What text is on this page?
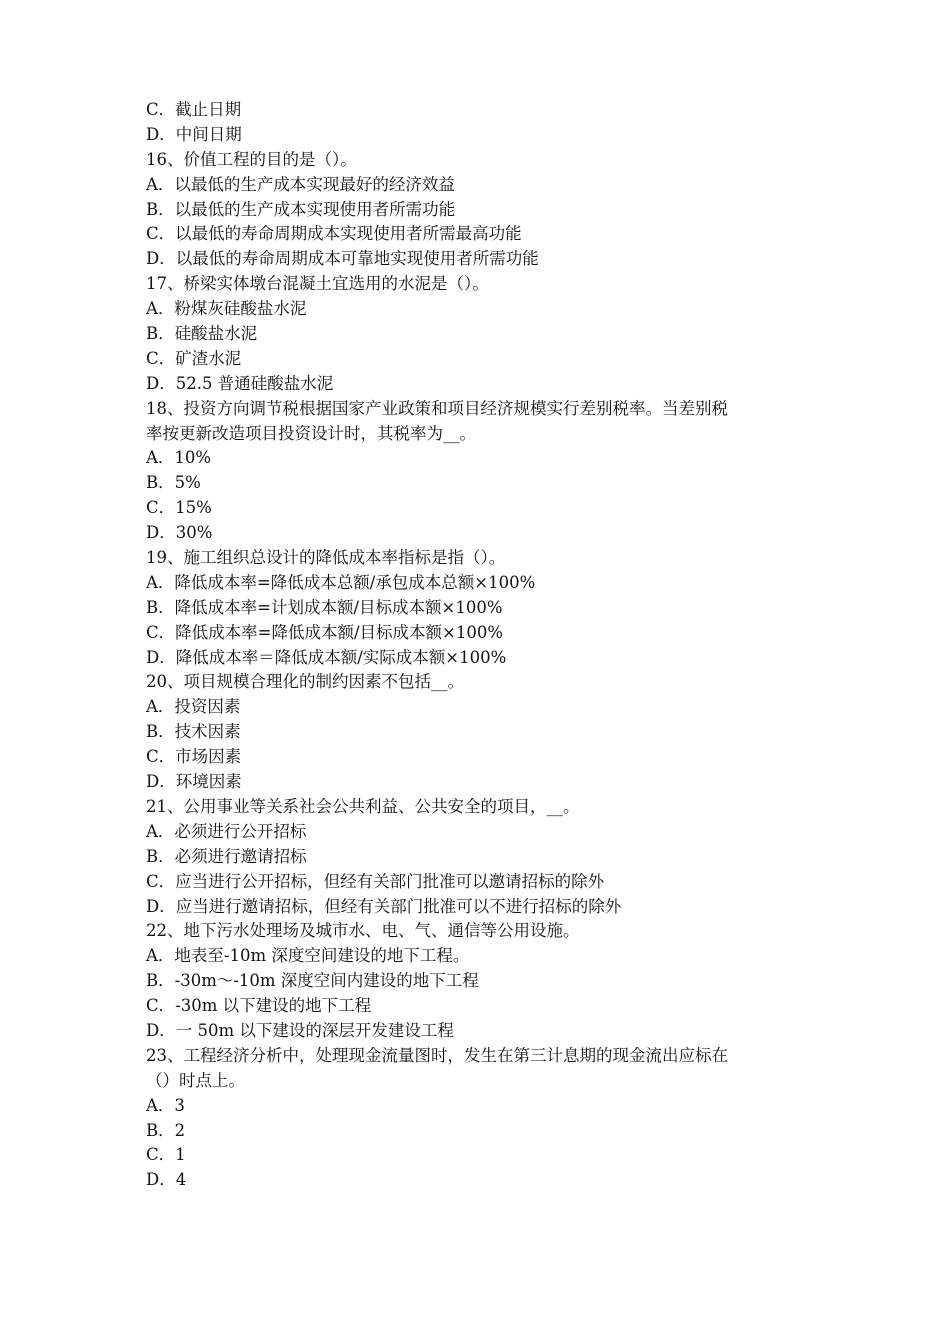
C．截止日期
D．中间日期
16、价值工程的目的是（）。
A．以最低的生产成本实现最好的经济效益
B．以最低的生产成本实现使用者所需功能
C．以最低的寿命周期成本实现使用者所需最高功能
D．以最低的寿命周期成本可靠地实现使用者所需功能
17、桥梁实体墩台混凝土宜选用的水泥是（）。
A．粉煤灰硅酸盐水泥
B．硅酸盐水泥
C．矿渣水泥
D．52.5 普通硅酸盐水泥
18、投资方向调节税根据国家产业政策和项目经济规模实行差别税率。当差别税
率按更新改造项目投资设计时，其税率为__。
A．10%
B．5%
C．15%
D．30%
19、施工组织总设计的降低成本率指标是指（）。
A．降低成本率=降低成本总额/承包成本总额×100%
B．降低成本率=计划成本额/目标成本额×100%
C．降低成本率=降低成本额/目标成本额×100%
D．降低成本率＝降低成本额/实际成本额×100%
20、项目规模合理化的制约因素不包括__。
A．投资因素
B．技术因素
C．市场因素
D．环境因素
21、公用事业等关系社会公共利益、公共安全的项目，__。
A．必须进行公开招标
B．必须进行邀请招标
C．应当进行公开招标，但经有关部门批准可以邀请招标的除外
D．应当进行邀请招标，但经有关部门批准可以不进行招标的除外
22、地下污水处理场及城市水、电、气、通信等公用设施。
A．地表至-10m 深度空间建设的地下工程。
B．-30m～-10m 深度空间内建设的地下工程
C．-30m 以下建设的地下工程
D．一 50m 以下建设的深层开发建设工程
23、工程经济分析中，处理现金流量图时，发生在第三计息期的现金流出应标在
（）时点上。
A．3
B．2
C．1
D．4
